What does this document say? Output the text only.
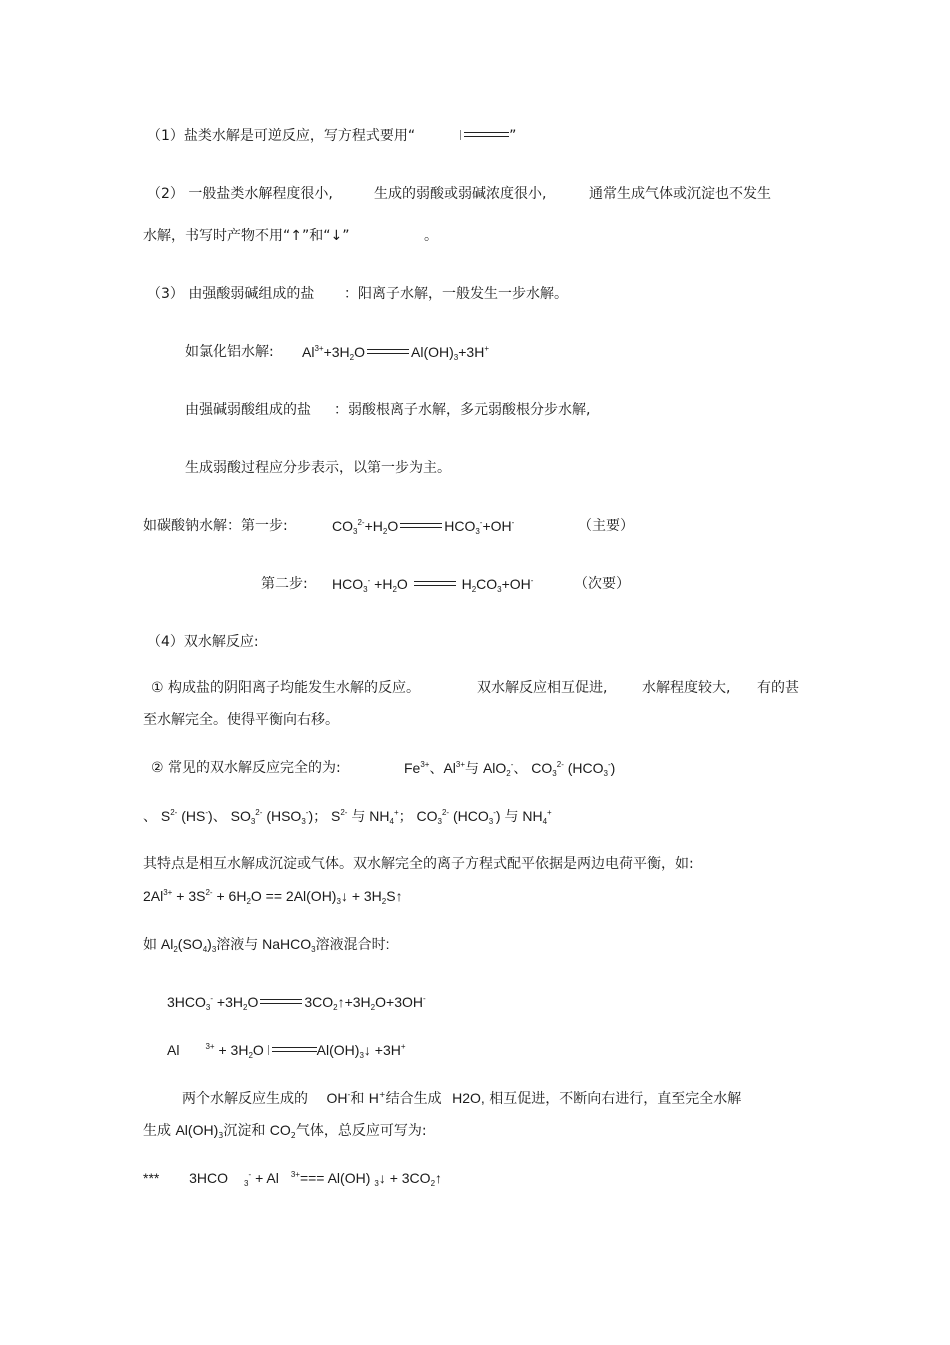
（1）盐类水解是可逆反应，写方程式要用“	”
（2） 一般盐类水解程度很小,	生成的弱酸或弱碱浓度很小,	通常生成气体或沉淀也不发生
水解，书写时产物不用“↑”和“↓”	。
（3） 由强酸弱碱组成的盐 ：阳离子水解，一般发生一步水解。
如氯化铝水解: $Al^{3+}+3H_2O$	$Al(OH)_3+3H^+$
由强碱弱酸组成的盐 ：弱酸根离子水解，多元弱酸根分步水解,
生成弱酸过程应分步表示，以第一步为主。
如碳酸钠水解：第一步:	$CO_3^{2-}+H_2O$	$HCO_3^-+OH^-$	（主要）
第二步: $HCO_3^- +H_2O$	$H_2CO_3+OH^-$	（次要）
（4）双水解反应:
① 构成盐的阴阳离子均能发生水解的反应。	双水解反应相互促进, 水解程度较大, 有的甚
至水解完全。使得平衡向右移。
② 常见的双水解反应完全的为:	$Fe^{3+}$、$Al^{3+}$与 AlO$_2$-、 $CO_3^{2-}$ $(HCO_3^-)$
、 $S^{2-}$ (HS-)、 $SO_3^{2-}$ $(HSO_3^-)$； $S^{2-}$ 与 $NH_4^+$； $CO_3^{2-}$ $(HCO_3^-)$ 与 $NH_4^+$
其特点是相互水解成沉淀或气体。双水解完全的离子方程式配平依据是两边电荷平衡，如:
$2Al^{3+} + 3S^{2-} + 6H_2O$ == $2Al(OH)_3↓$ + $3H_2S↑$
如 $Al_2(SO_4)_3$溶液与 NaHCO$_3$溶液混合时:
$3HCO_3^- +3H_2O$	$3CO_2↑+3H_2O+3OH^-$
Al	$^{3+} + 3H_2O$	$Al(OH)_3↓ +3H^+$
两个水解反应生成的 OH-和 H+结合生成 H2O, 相互促进，不断向右进行，直至完全水解
生成 $Al(OH)_3$沉淀和 $CO_2$气体，总反应可写为:
*** 3HCO $_3$- + Al $^{3+}$=== Al(OH) $_3$↓ + $3CO_2↑$
